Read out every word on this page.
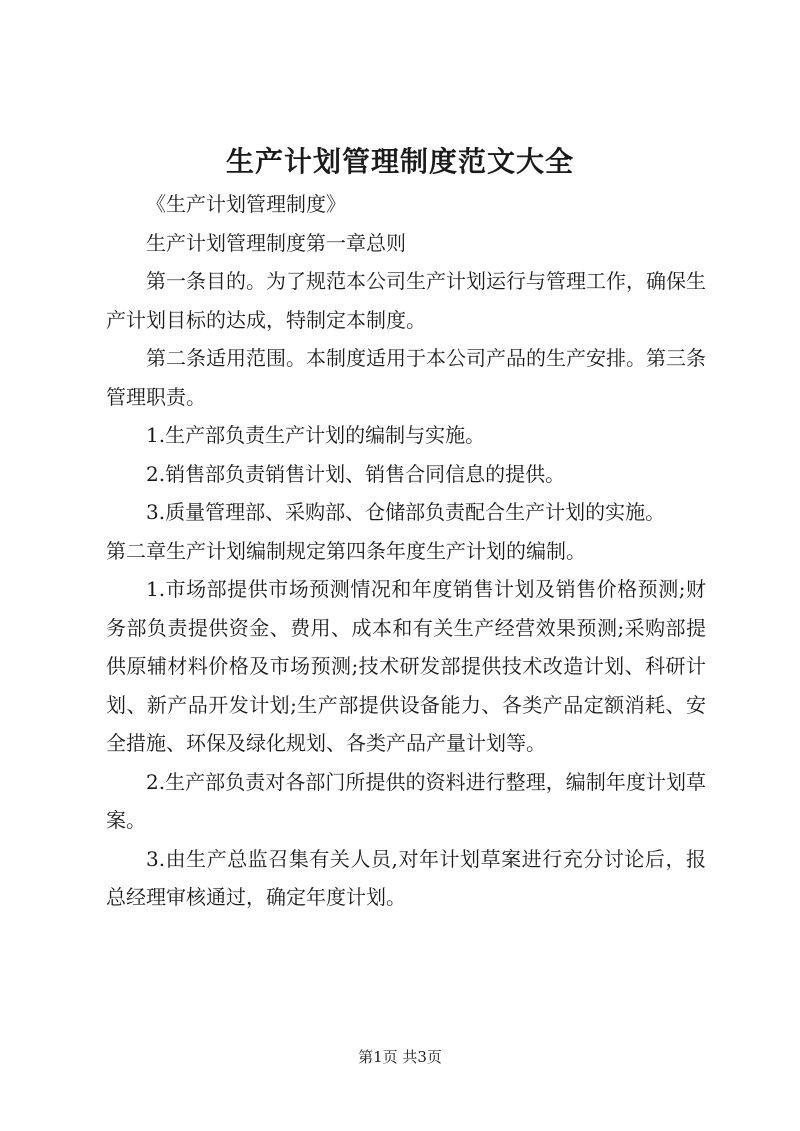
生产计划管理制度范文大全

《生产计划管理制度》

生产计划管理制度第一章总则

第一条目的。为了规范本公司生产计划运行与管理工作，确保生产计划目标的达成，特制定本制度。

第二条适用范围。本制度适用于本公司产品的生产安排。第三条管理职责。

1.生产部负责生产计划的编制与实施。

2.销售部负责销售计划、销售合同信息的提供。

3.质量管理部、采购部、仓储部负责配合生产计划的实施。

第二章生产计划编制规定第四条年度生产计划的编制。

1.市场部提供市场预测情况和年度销售计划及销售价格预测;财务部负责提供资金、费用、成本和有关生产经营效果预测;采购部提供原辅材料价格及市场预测;技术研发部提供技术改造计划、科研计划、新产品开发计划;生产部提供设备能力、各类产品定额消耗、安全措施、环保及绿化规划、各类产品产量计划等。

2.生产部负责对各部门所提供的资料进行整理，编制年度计划草案。

3.由生产总监召集有关人员,对年计划草案进行充分讨论后，报总经理审核通过，确定年度计划。

第1页 共3页
